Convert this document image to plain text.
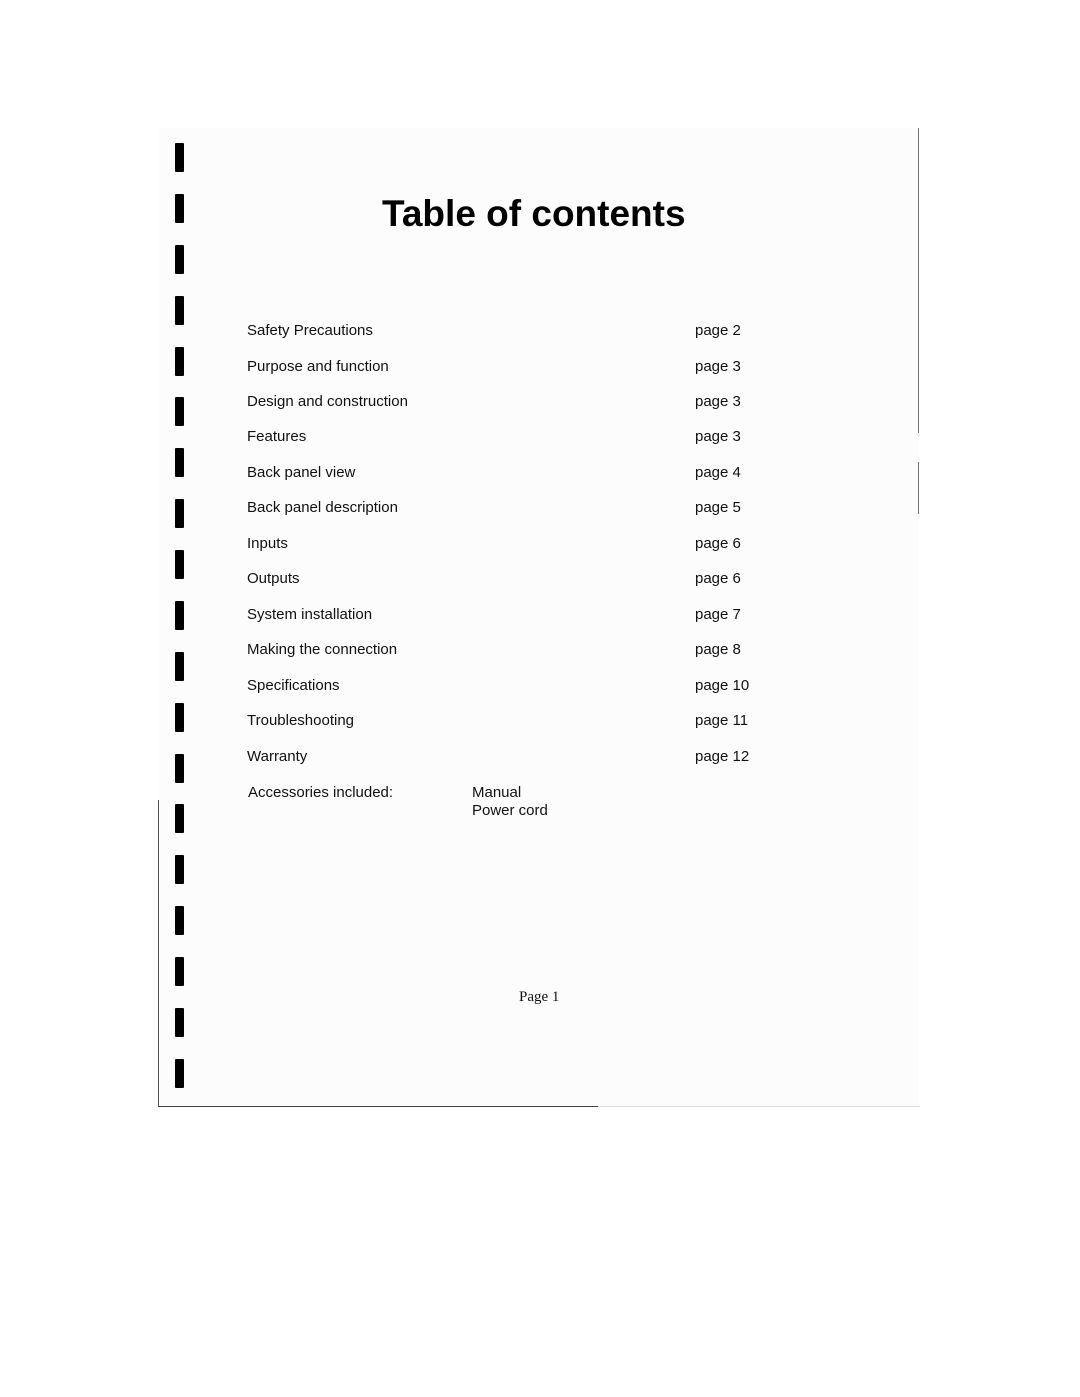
Table of contents
Safety Precautions	page 2
Purpose and function	page 3
Design and construction	page 3
Features	page 3
Back panel view	page 4
Back panel description	page 5
Inputs	page 6
Outputs	page 6
System installation	page 7
Making the connection	page 8
Specifications	page 10
Troubleshooting	page 11
Warranty	page 12
Accessories included:	Manual
Power cord
Page 1
